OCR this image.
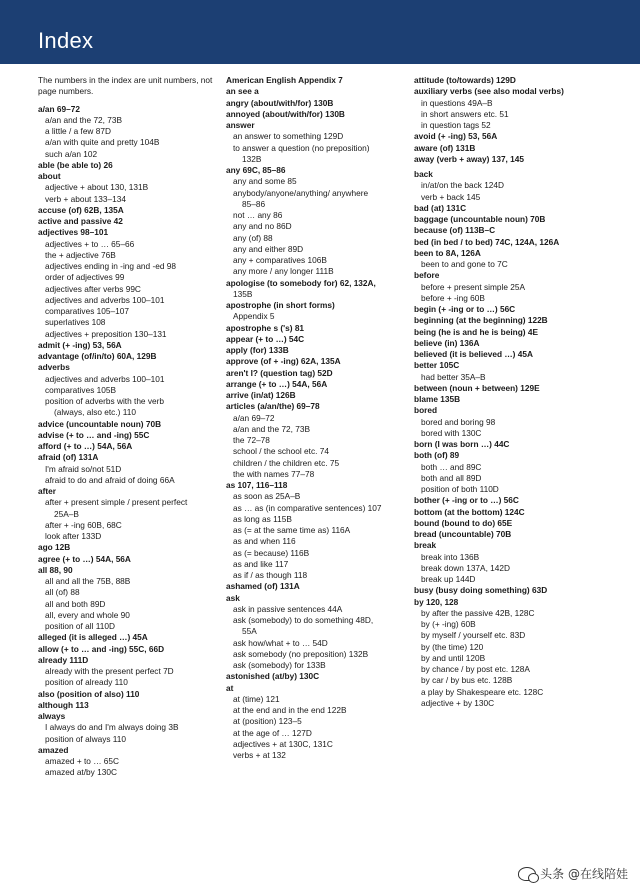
Index
The numbers in the index are unit numbers, not page numbers.
a/an 69–72
a/an and the 72, 73B
a little / a few 87D
a/an with quite and pretty 104B
such a/an 102
able (be able to) 26
about
adjective + about 130, 131B
verb + about 133–134
accuse (of) 62B, 135A
active and passive 42
adjectives 98–101
adjectives + to … 65–66
the + adjective 76B
adjectives ending in -ing and -ed 98
order of adjectives 99
adjectives after verbs 99C
adjectives and adverbs 100–101
comparatives 105–107
superlatives 108
adjectives + preposition 130–131
admit (+ -ing) 53, 56A
advantage (of/in/to) 60A, 129B
adverbs
adjectives and adverbs 100–101
comparatives 105B
position of adverbs with the verb
(always, also etc.) 110
advice (uncountable noun) 70B
advise (+ to … and -ing) 55C
afford (+ to …) 54A, 56A
afraid (of) 131A
I'm afraid so/not 51D
afraid to do and afraid of doing 66A
after
after + present simple / present perfect
25A–B
after + -ing 60B, 68C
look after 133D
ago 12B
agree (+ to …) 54A, 56A
all 88, 90
all and all the 75B, 88B
all (of) 88
all and both 89D
all, every and whole 90
position of all 110D
alleged (it is alleged …) 45A
allow (+ to … and -ing) 55C, 66D
already 111D
already with the present perfect 7D
position of already 110
also (position of also) 110
although 113
always
I always do and I'm always doing 3B
position of always 110
amazed
amazed + to … 65C
amazed at/by 130C
American English Appendix 7
an see a
angry (about/with/for) 130B
annoyed (about/with/for) 130B
answer
an answer to something 129D
to answer a question (no preposition)
132B
any 69C, 85–86
any and some 85
anybody/anyone/anything/ anywhere
85–86
not … any 86
any and no 86D
any (of) 88
any and either 89D
any + comparatives 106B
any more / any longer 111B
apologise (to somebody for) 62, 132A,
135B
apostrophe (in short forms)
Appendix 5
apostrophe s ('s) 81
appear (+ to …) 54C
apply (for) 133B
approve (of + -ing) 62A, 135A
aren't I? (question tag) 52D
arrange (+ to …) 54A, 56A
arrive (in/at) 126B
articles (a/an/the) 69–78
a/an 69–72
a/an and the 72, 73B
the 72–78
school / the school etc. 74
children / the children etc. 75
the with names 77–78
as 107, 116–118
as soon as 25A–B
as … as (in comparative sentences) 107
as long as 115B
as (= at the same time as) 116A
as and when 116
as (= because) 116B
as and like 117
as if / as though 118
ashamed (of) 131A
ask
ask in passive sentences 44A
ask (somebody) to do something 48D,
55A
ask how/what + to … 54D
ask somebody (no preposition) 132B
ask (somebody) for 133B
astonished (at/by) 130C
at
at (time) 121
at the end and in the end 122B
at (position) 123–5
at the age of … 127D
adjectives + at 130C, 131C
verbs + at 132
attitude (to/towards) 129D
auxiliary verbs (see also modal verbs)
in questions 49A–B
in short answers etc. 51
in question tags 52
avoid (+ -ing) 53, 56A
aware (of) 131B
away (verb + away) 137, 145
back
in/at/on the back 124D
verb + back 145
bad (at) 131C
baggage (uncountable noun) 70B
because (of) 113B–C
bed (in bed / to bed) 74C, 124A, 126A
been to 8A, 126A
been to and gone to 7C
before
before + present simple 25A
before + -ing 60B
begin (+ -ing or to …) 56C
beginning (at the beginning) 122B
being (he is and he is being) 4E
believe (in) 136A
believed (it is believed …) 45A
better 105C
had better 35A–B
between (noun + between) 129E
blame 135B
bored
bored and boring 98
bored with 130C
born (I was born …) 44C
both (of) 89
both … and 89C
both and all 89D
position of both 110D
bother (+ -ing or to …) 56C
bottom (at the bottom) 124C
bound (bound to do) 65E
bread (uncountable) 70B
break
break into 136B
break down 137A, 142D
break up 144D
busy (busy doing something) 63D
by 120, 128
by after the passive 42B, 128C
by (+ -ing) 60B
by myself / yourself etc. 83D
by (the time) 120
by and until 120B
by chance / by post etc. 128A
by car / by bus etc. 128B
a play by Shakespeare etc. 128C
adjective + by 130C
头条 @在线陪娃
